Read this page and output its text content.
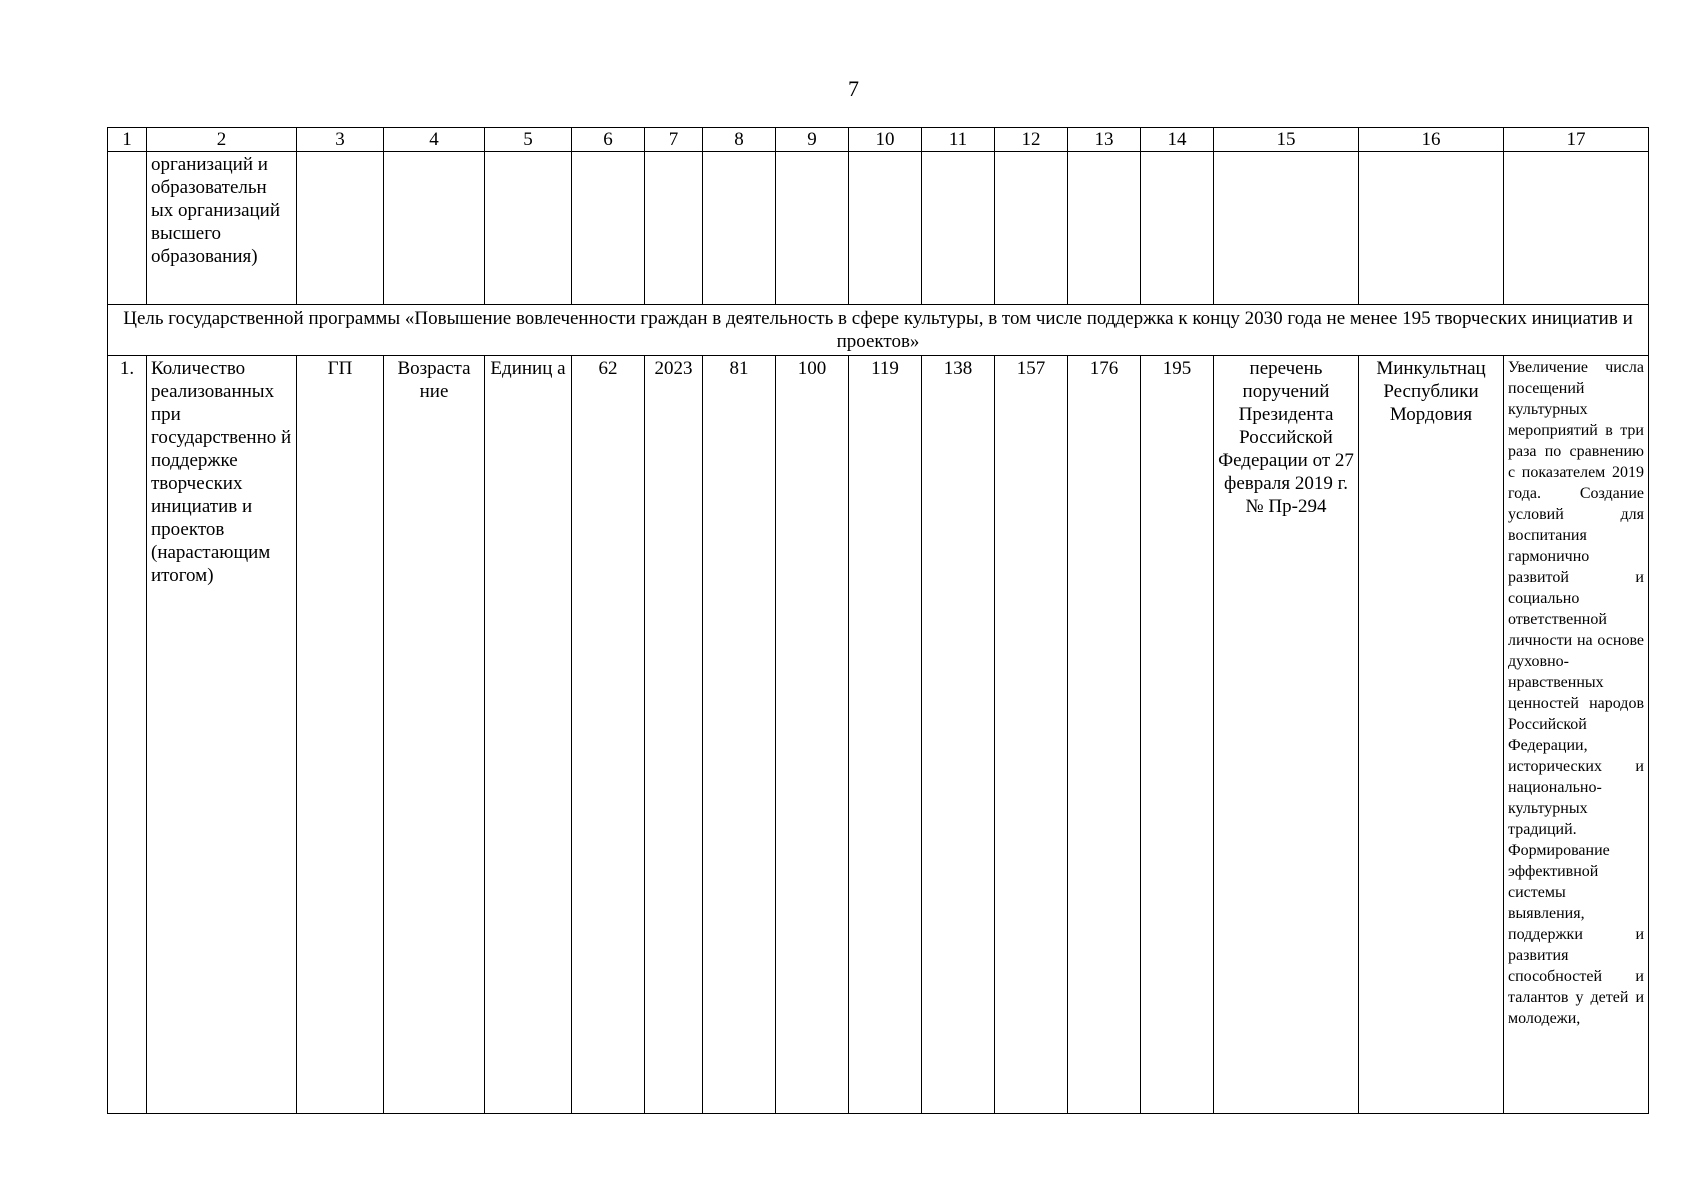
7
1	2	3	4	5	6	7	8	9	10	11	12	13	14	15	16	17
	организаций и образовательн ых организаций высшего образования)															
Цель государственной программы «Повышение вовлеченности граждан в деятельность в сфере культуры, в том числе поддержка к концу 2030 года не менее 195 творческих инициатив и проектов»																
1.	Количество реализованных при государственно й поддержке творческих инициатив и проектов (нарастающим итогом)	ГП	Возраста ние	Единиц а	62	2023	81	100	119	138	157	176	195	перечень поручений Президента Российской Федерации от 27 февраля 2019 г. № Пр-294	Минкультнац Республики Мордовия	Увеличение числа посещений культурных мероприятий в три раза по сравнению с показателем 2019 года. Создание условий для воспитания гармонично развитой и социально ответственной личности на основе духовно-нравственных ценностей народов Российской Федерации, исторических и национально-культурных традиций. Формирование эффективной системы выявления, поддержки и развития способностей и талантов у детей и молодежи,
